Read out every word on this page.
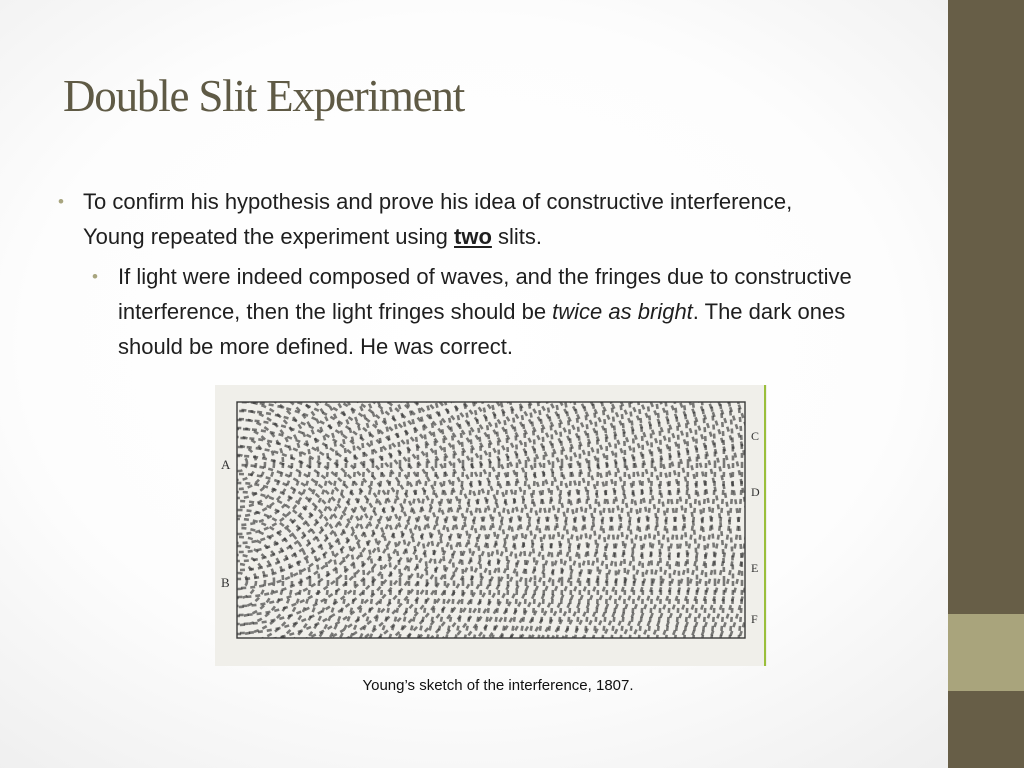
Double Slit Experiment
• To confirm his hypothesis and prove his idea of constructive interference, Young repeated the experiment using two slits.
• If light were indeed composed of waves, and the fringes due to constructive interference, then the light fringes should be twice as bright. The dark ones should be more defined. He was correct.
A
B
C
D
E
F
Young’s sketch of the interference, 1807.
